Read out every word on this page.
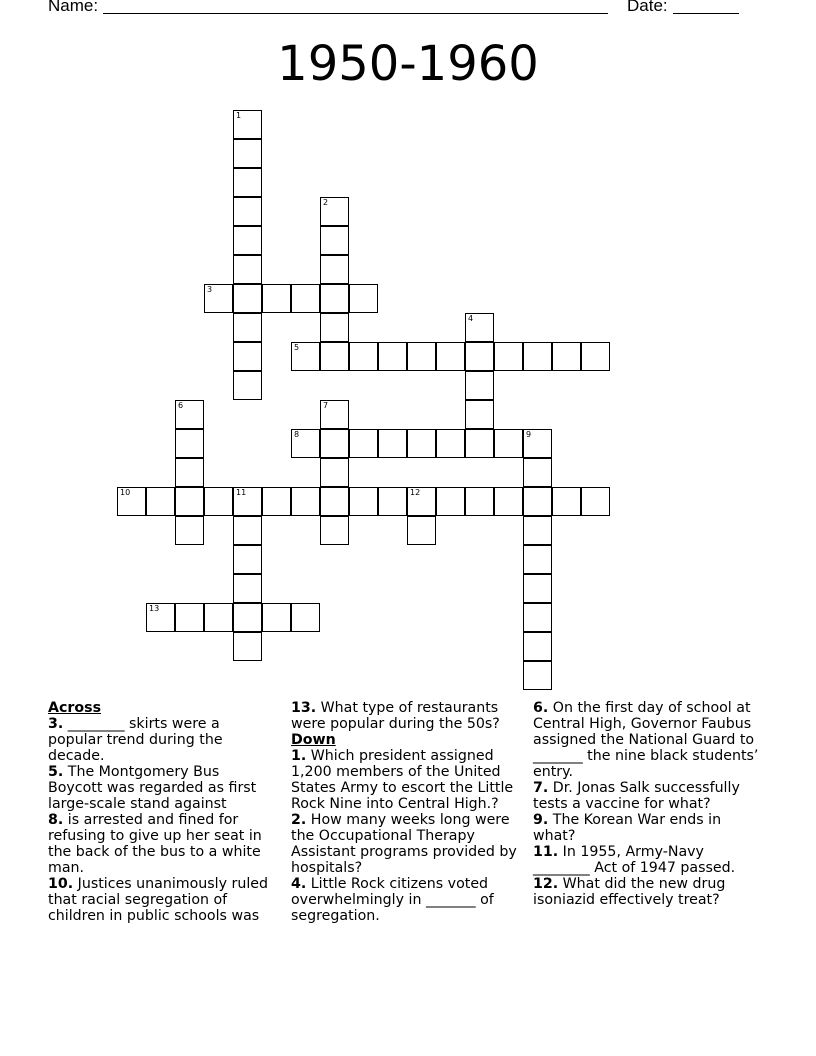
Name:	Date:
1950-1960
1
2
3
4
5
6	7
8	9
10	11	12
13
Across
3. ________ skirts were a popular trend during the decade.
5. The Montgomery Bus Boycott was regarded as first large-scale stand against
8. is arrested and fined for refusing to give up her seat in the back of the bus to a white man.
10. Justices unanimously ruled that racial segregation of children in public schools was
13. What type of restaurants were popular during the 50s?
Down
1. Which president assigned 1,200 members of the United States Army to escort the Little Rock Nine into Central High.?
2. How many weeks long were the Occupational Therapy Assistant programs provided by hospitals?
4. Little Rock citizens voted overwhelmingly in _______ of segregation.
6. On the first day of school at Central High, Governor Faubus assigned the National Guard to _______ the nine black students’ entry.
7. Dr. Jonas Salk successfully tests a vaccine for what?
9. The Korean War ends in what?
11. In 1955, Army-Navy ________ Act of 1947 passed.
12. What did the new drug isoniazid effectively treat?
